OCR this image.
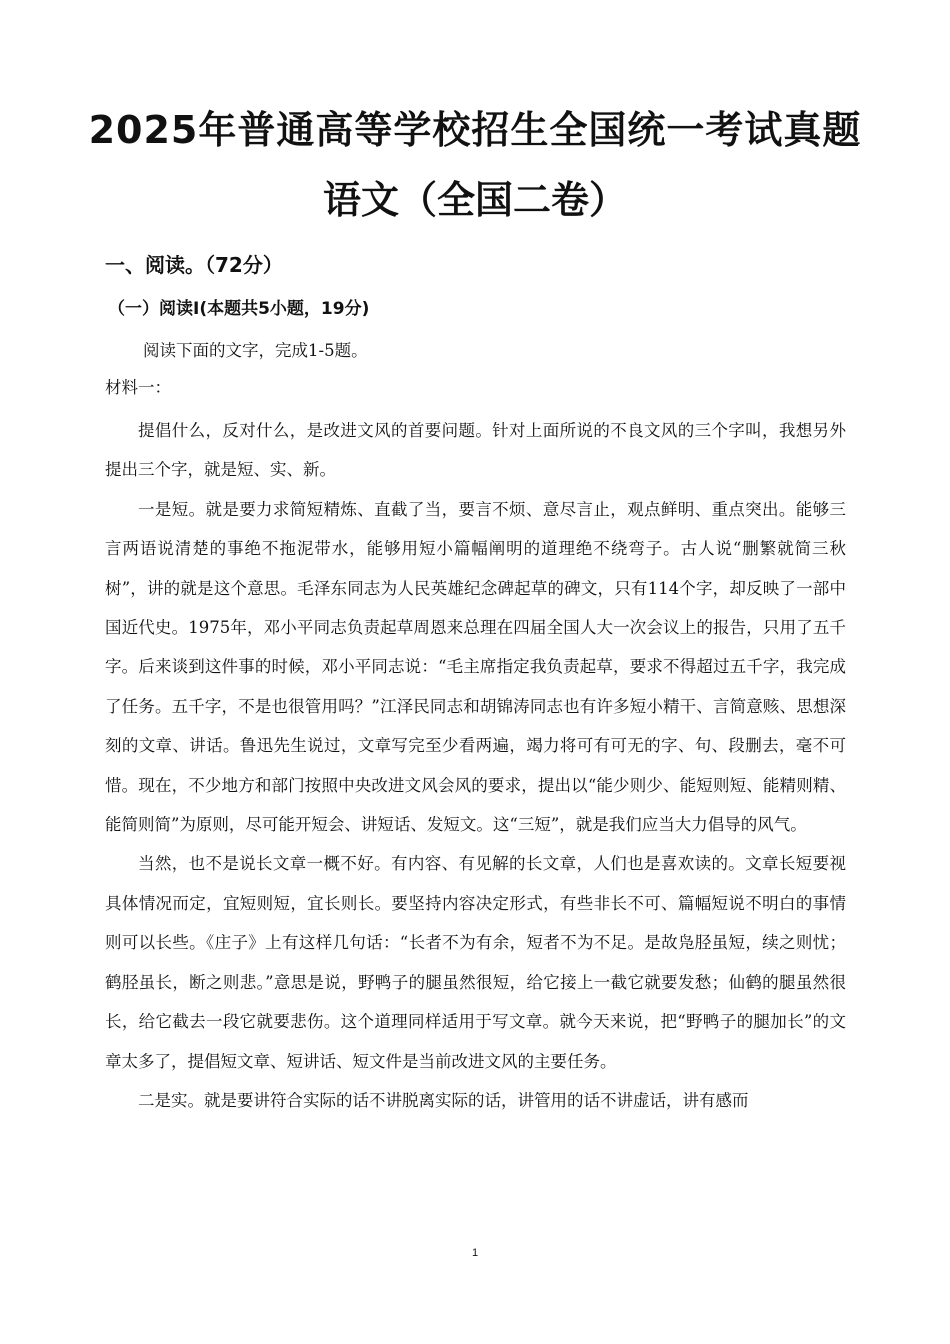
2025年普通高等学校招生全国统一考试真题
语文（全国二卷）
一、阅读。（72分）
（一）阅读Ⅰ(本题共5小题，19分)
阅读下面的文字，完成1-5题。
材料一：

提倡什么，反对什么，是改进文风的首要问题。针对上面所说的不良文风的三个字叫，我想另外提出三个字，就是短、实、新。

一是短。就是要力求简短精炼、直截了当，要言不烦、意尽言止，观点鲜明、重点突出。能够三言两语说清楚的事绝不拖泥带水，能够用短小篇幅阐明的道理绝不绕弯子。古人说“删繁就简三秋树”，讲的就是这个意思。毛泽东同志为人民英雄纪念碑起草的碑文，只有114个字，却反映了一部中国近代史。1975年，邓小平同志负责起草周恩来总理在四届全国人大一次会议上的报告，只用了五千字。后来谈到这件事的时候，邓小平同志说：“毛主席指定我负责起草，要求不得超过五千字，我完成了任务。五千字，不是也很管用吗？”江泽民同志和胡锦涛同志也有许多短小精干、言简意赅、思想深刻的文章、讲话。鲁迅先生说过，文章写完至少看两遍，竭力将可有可无的字、句、段删去，毫不可惜。现在，不少地方和部门按照中央改进文风会风的要求，提出以“能少则少、能短则短、能精则精、能简则简”为原则，尽可能开短会、讲短话、发短文。这“三短”，就是我们应当大力倡导的风气。

当然，也不是说长文章一概不好。有内容、有见解的长文章，人们也是喜欢读的。文章长短要视具体情况而定，宜短则短，宜长则长。要坚持内容决定形式，有些非长不可、篇幅短说不明白的事情则可以长些。《庄子》上有这样几句话：“长者不为有余，短者不为不足。是故凫胫虽短，续之则忧；鹤胫虽长，断之则悲。”意思是说，野鸭子的腿虽然很短，给它接上一截它就要发愁；仙鹤的腿虽然很长，给它截去一段它就要悲伤。这个道理同样适用于写文章。就今天来说，把“野鸭子的腿加长”的文章太多了，提倡短文章、短讲话、短文件是当前改进文风的主要任务。

二是实。就是要讲符合实际的话不讲脱离实际的话，讲管用的话不讲虚话，讲有感而

1
